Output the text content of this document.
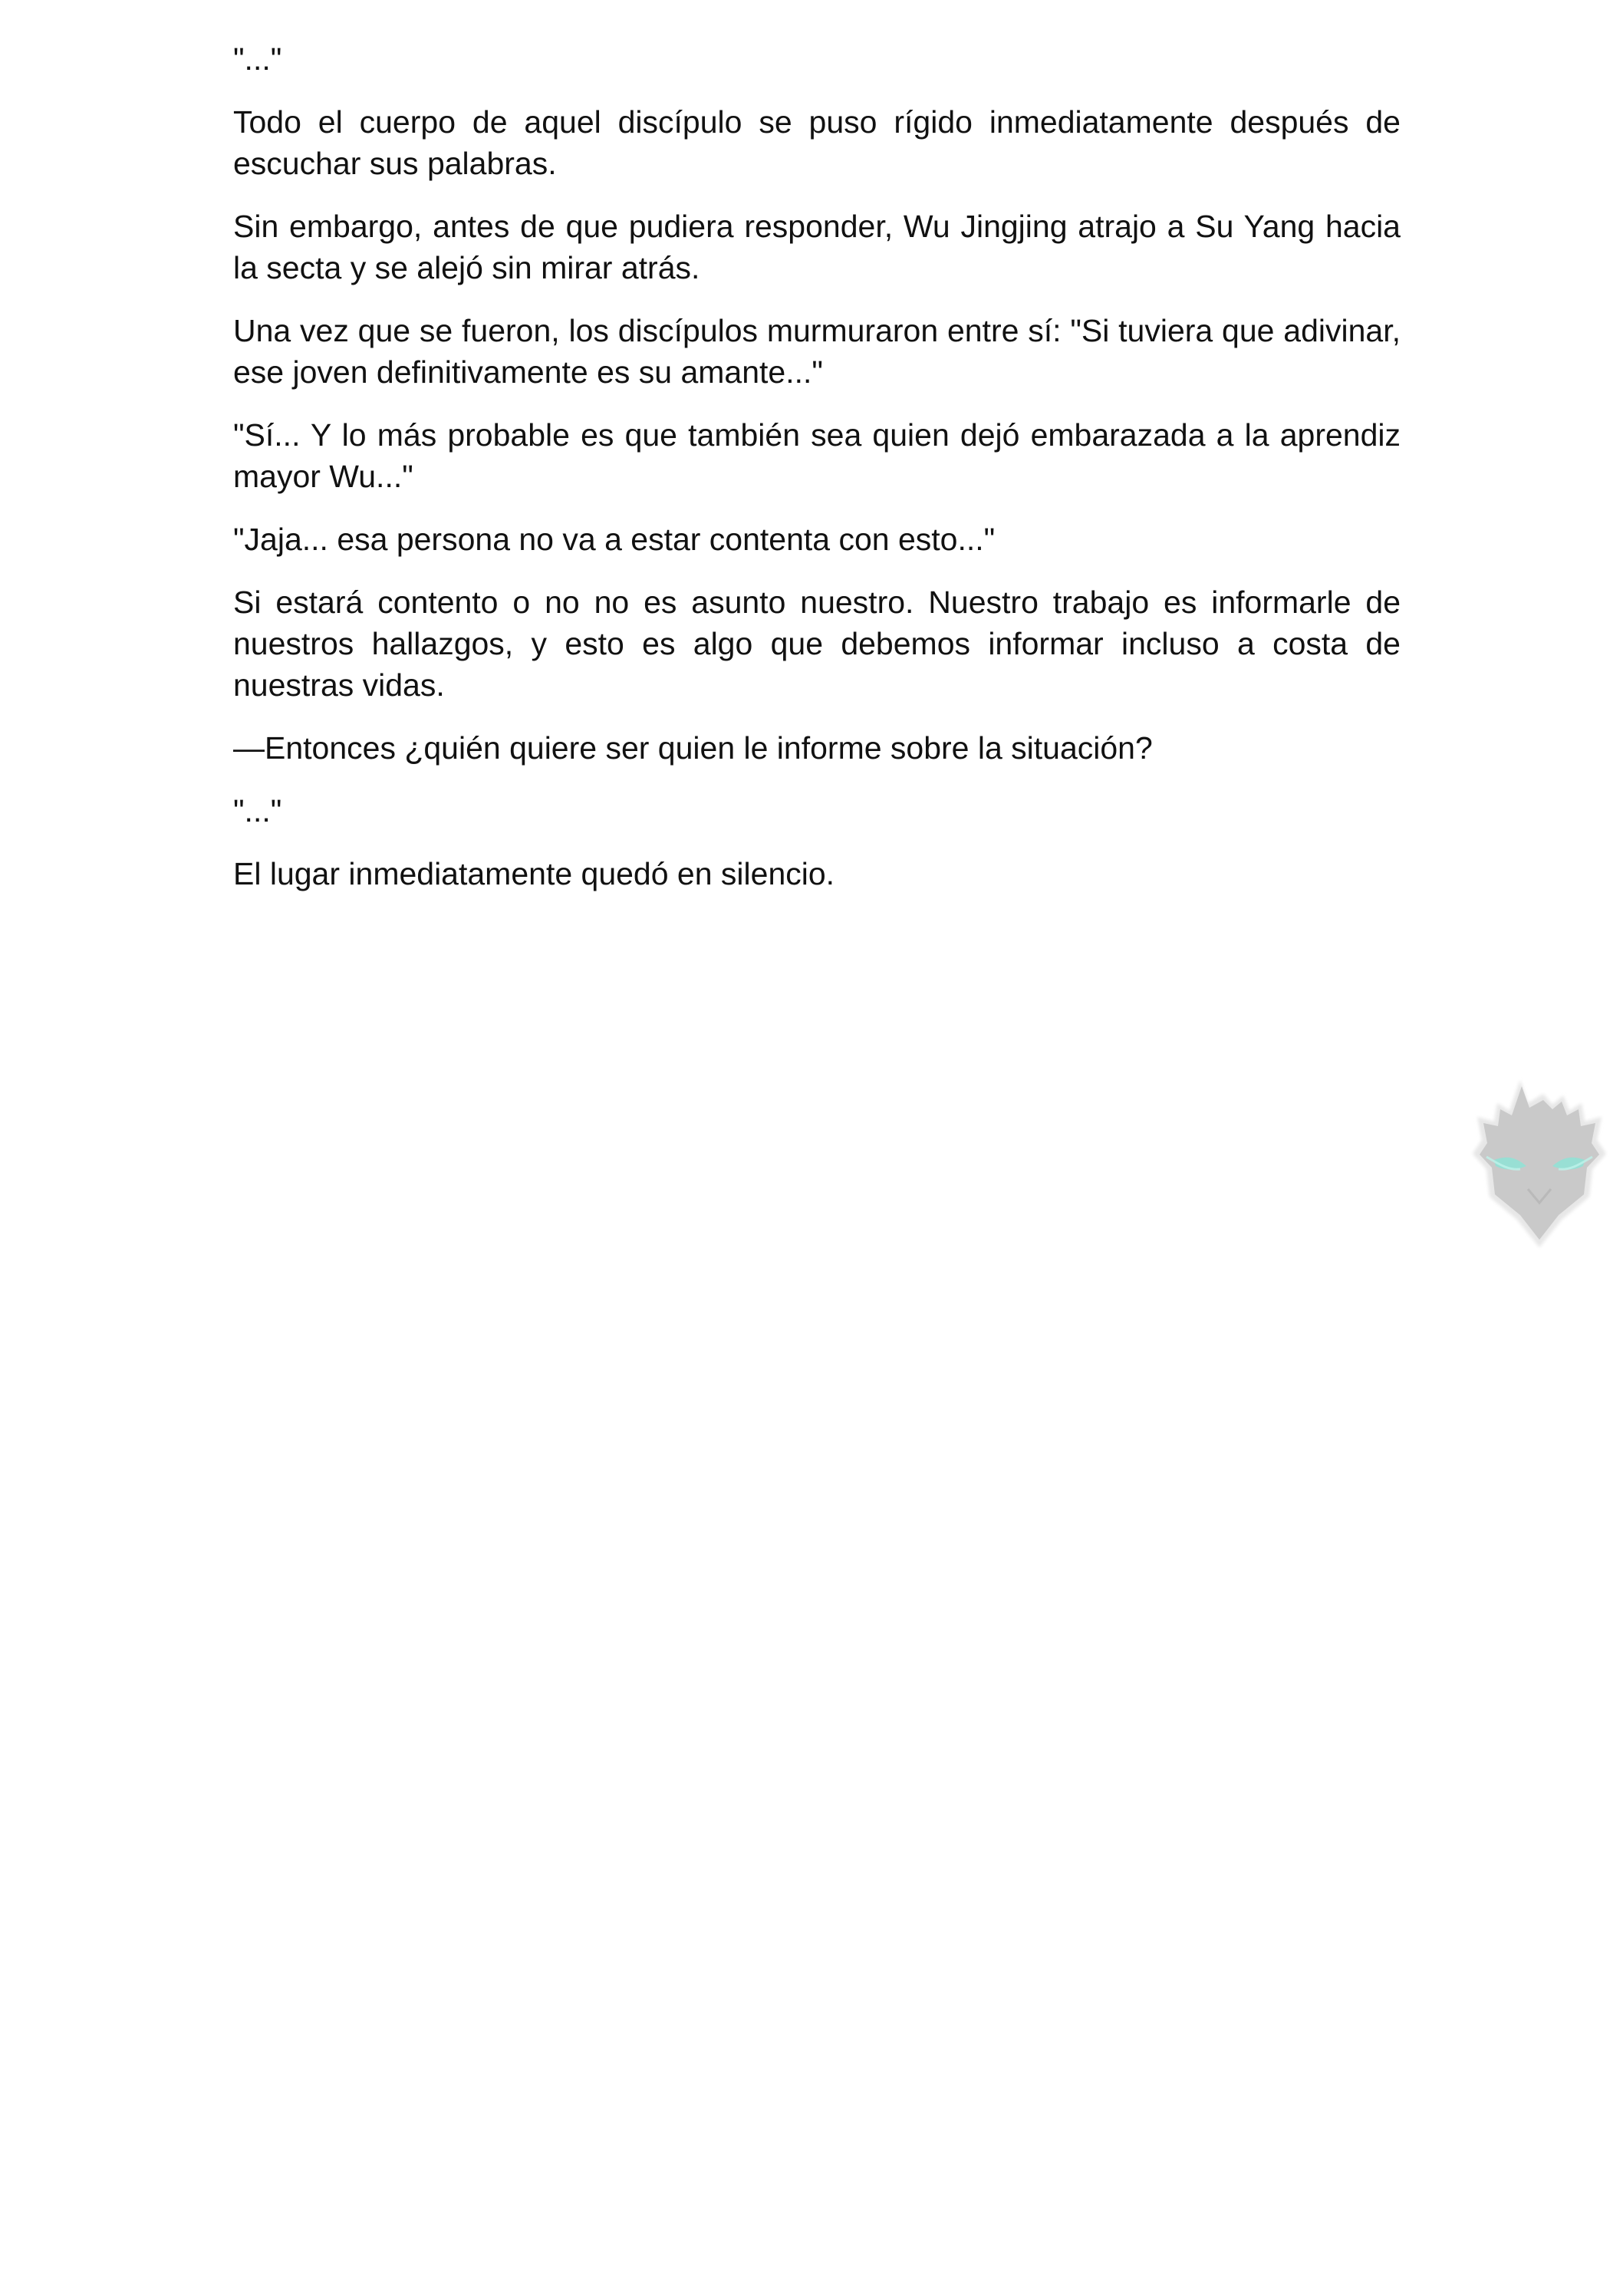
"..."

Todo el cuerpo de aquel discípulo se puso rígido inmediatamente después de escuchar sus palabras.

Sin embargo, antes de que pudiera responder, Wu Jingjing atrajo a Su Yang hacia la secta y se alejó sin mirar atrás.

Una vez que se fueron, los discípulos murmuraron entre sí: "Si tuviera que adivinar, ese joven definitivamente es su amante..."

"Sí... Y lo más probable es que también sea quien dejó embarazada a la aprendiz mayor Wu..."

"Jaja... esa persona no va a estar contenta con esto..."

Si estará contento o no no es asunto nuestro. Nuestro trabajo es informarle de nuestros hallazgos, y esto es algo que debemos informar incluso a costa de nuestras vidas.

—Entonces ¿quién quiere ser quien le informe sobre la situación?

"..."

El lugar inmediatamente quedó en silencio.
